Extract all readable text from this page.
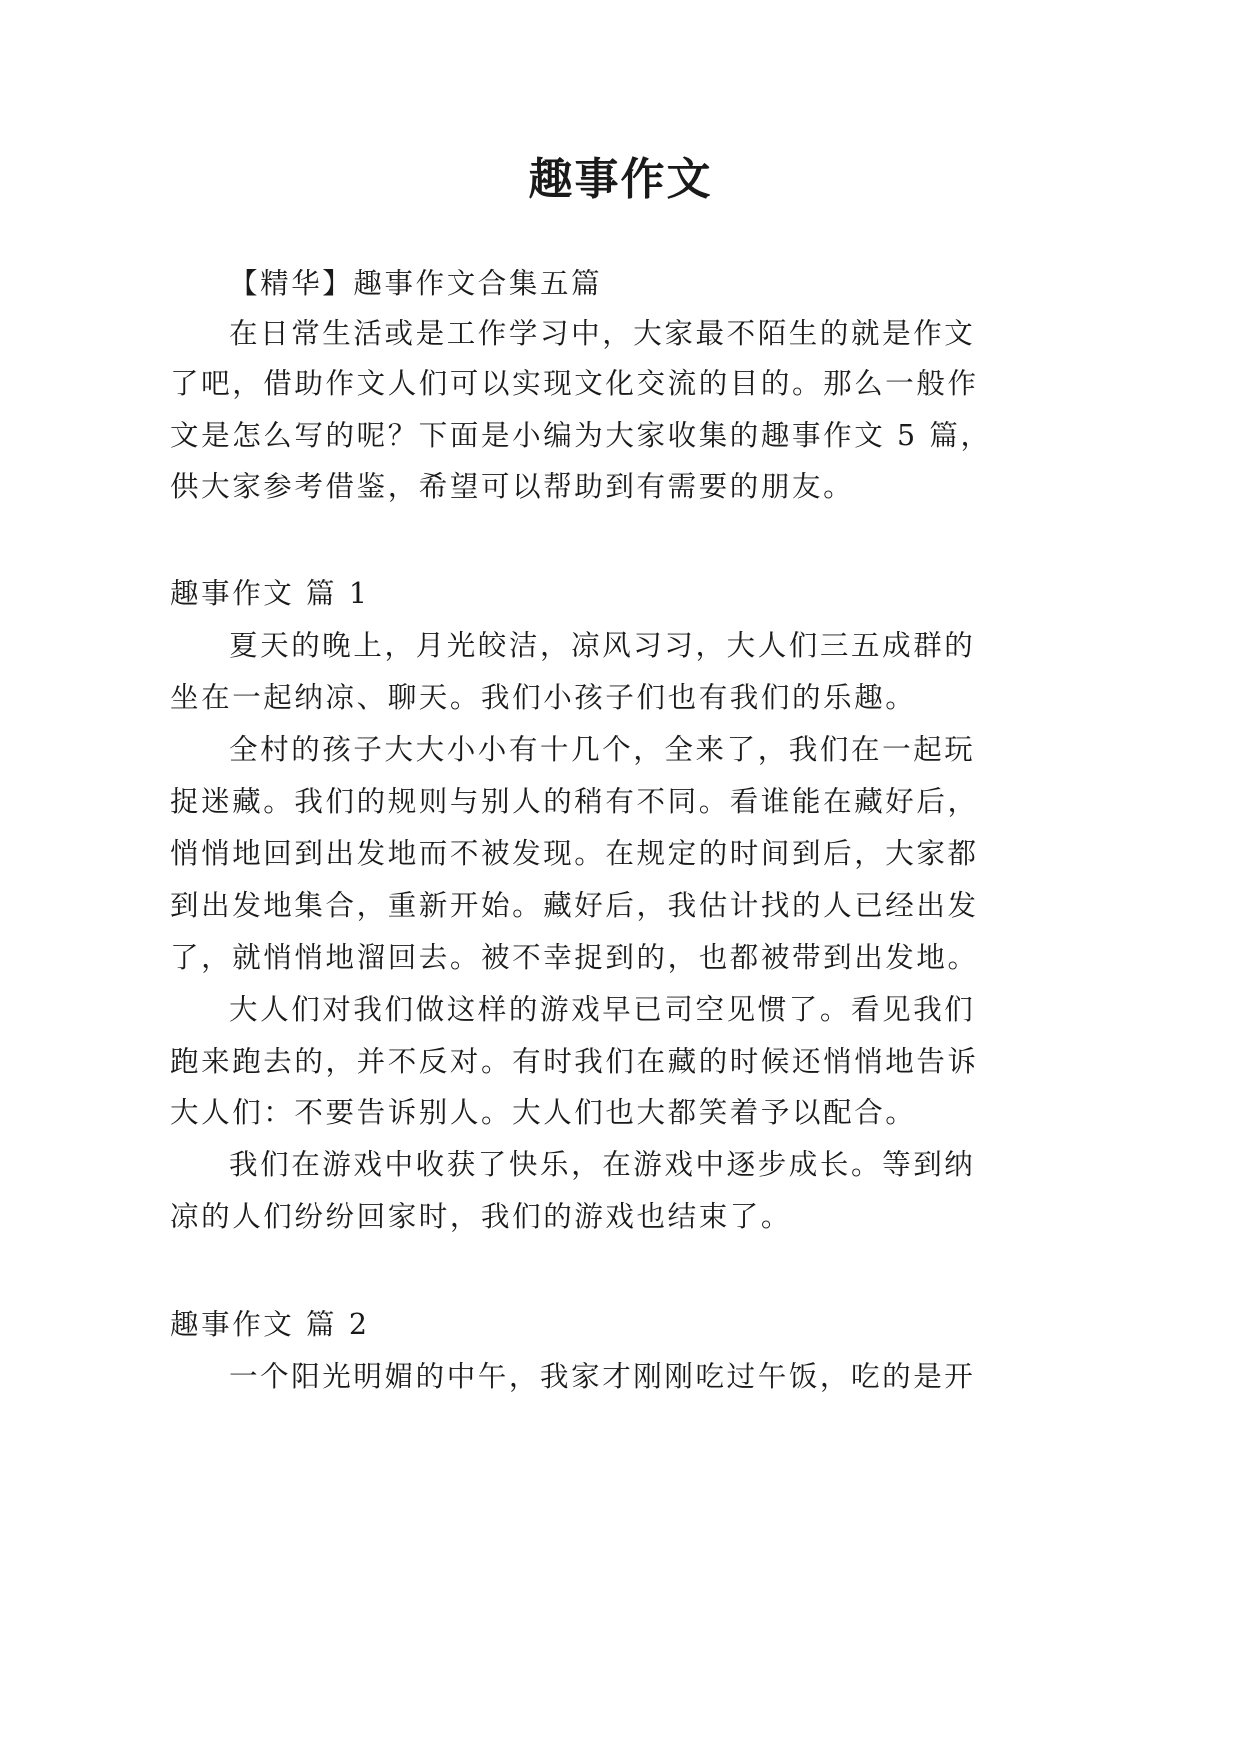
趣事作文
【精华】趣事作文合集五篇
在日常生活或是工作学习中，大家最不陌生的就是作文
了吧，借助作文人们可以实现文化交流的目的。那么一般作
文是怎么写的呢？下面是小编为大家收集的趣事作文 5 篇，
供大家参考借鉴，希望可以帮助到有需要的朋友。
趣事作文 篇 1
夏天的晚上，月光皎洁，凉风习习，大人们三五成群的
坐在一起纳凉、聊天。我们小孩子们也有我们的乐趣。
全村的孩子大大小小有十几个，全来了，我们在一起玩
捉迷藏。我们的规则与别人的稍有不同。看谁能在藏好后，
悄悄地回到出发地而不被发现。在规定的时间到后，大家都
到出发地集合，重新开始。藏好后，我估计找的人已经出发
了，就悄悄地溜回去。被不幸捉到的，也都被带到出发地。
大人们对我们做这样的游戏早已司空见惯了。看见我们
跑来跑去的，并不反对。有时我们在藏的时候还悄悄地告诉
大人们：不要告诉别人。大人们也大都笑着予以配合。
我们在游戏中收获了快乐，在游戏中逐步成长。等到纳
凉的人们纷纷回家时，我们的游戏也结束了。
趣事作文 篇 2
一个阳光明媚的中午，我家才刚刚吃过午饭，吃的是开
